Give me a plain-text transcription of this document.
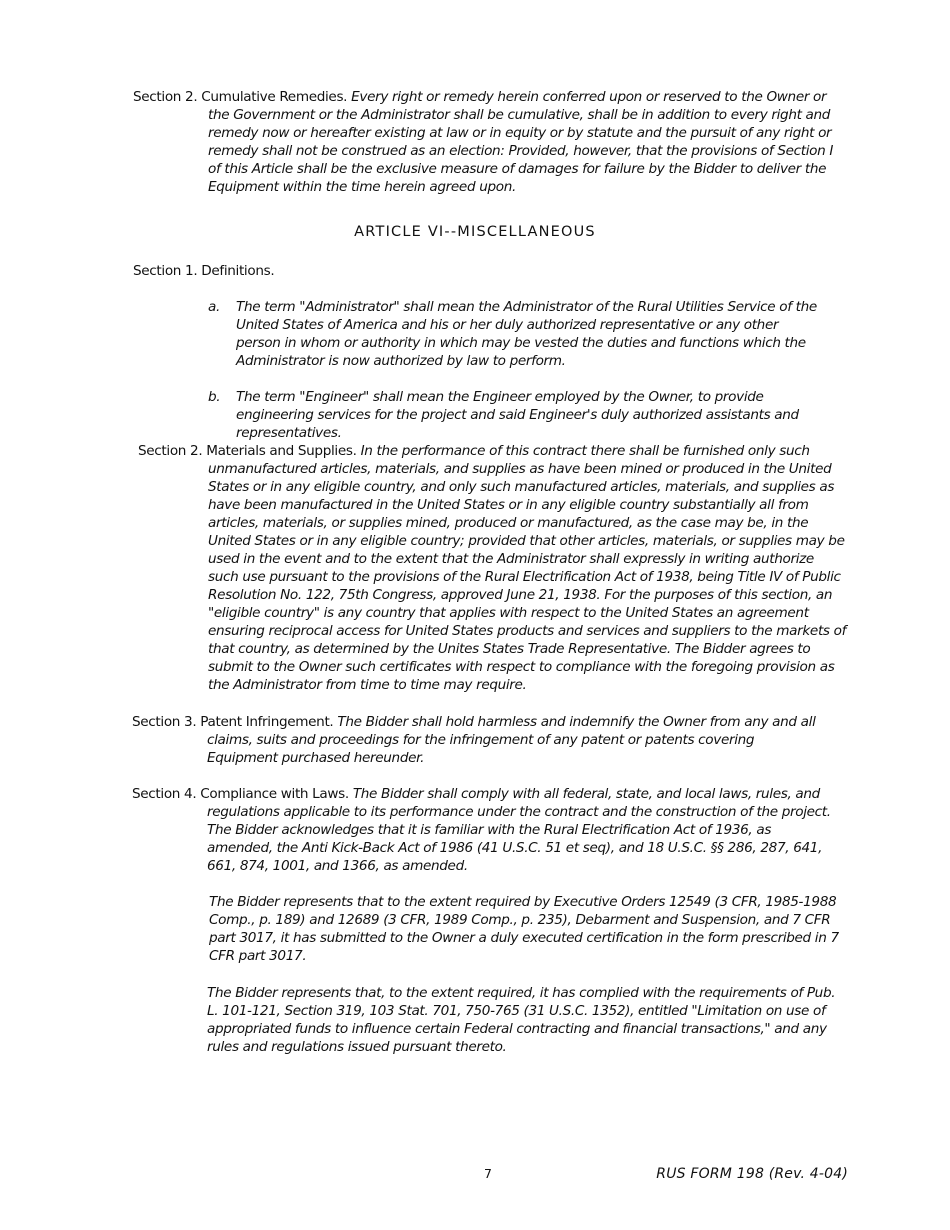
Section 2. Cumulative Remedies. Every right or remedy herein conferred upon or reserved to the Owner or the Government or the Administrator shall be cumulative, shall be in addition to every right and remedy now or hereafter existing at law or in equity or by statute and the pursuit of any right or remedy shall not be construed as an election: Provided, however, that the provisions of Section I of this Article shall be the exclusive measure of damages for failure by the Bidder to deliver the Equipment within the time herein agreed upon.
ARTICLE VI--MISCELLANEOUS
Section 1. Definitions.
a.	The term "Administrator" shall mean the Administrator of the Rural Utilities Service of the United States of America and his or her duly authorized representative or any other person in whom or authority in which may be vested the duties and functions which the Administrator is now authorized by law to perform.
b.	The term "Engineer" shall mean the Engineer employed by the Owner, to provide engineering services for the project and said Engineer's duly authorized assistants and representatives.
Section 2. Materials and Supplies. In the performance of this contract there shall be furnished only such unmanufactured articles, materials, and supplies as have been mined or produced in the United States or in any eligible country, and only such manufactured articles, materials, and supplies as have been manufactured in the United States or in any eligible country substantially all from articles, materials, or supplies mined, produced or manufactured, as the case may be, in the United States or in any eligible country; provided that other articles, materials, or supplies may be used in the event and to the extent that the Administrator shall expressly in writing authorize such use pursuant to the provisions of the Rural Electrification Act of 1938, being Title IV of Public Resolution No. 122, 75th Congress, approved June 21, 1938. For the purposes of this section, an "eligible country" is any country that applies with respect to the United States an agreement ensuring reciprocal access for United States products and services and suppliers to the markets of that country, as determined by the Unites States Trade Representative. The Bidder agrees to submit to the Owner such certificates with respect to compliance with the foregoing provision as the Administrator from time to time may require.
Section 3. Patent Infringement. The Bidder shall hold harmless and indemnify the Owner from any and all claims, suits and proceedings for the infringement of any patent or patents covering Equipment purchased hereunder.
Section 4. Compliance with Laws. The Bidder shall comply with all federal, state, and local laws, rules, and regulations applicable to its performance under the contract and the construction of the project. The Bidder acknowledges that it is familiar with the Rural Electrification Act of 1936, as amended, the Anti Kick-Back Act of 1986 (41 U.S.C. 51 et seq), and 18 U.S.C. §§ 286, 287, 641, 661, 874, 1001, and 1366, as amended.
The Bidder represents that to the extent required by Executive Orders 12549 (3 CFR, 1985-1988 Comp., p. 189) and 12689 (3 CFR, 1989 Comp., p. 235), Debarment and Suspension, and 7 CFR part 3017, it has submitted to the Owner a duly executed certification in the form prescribed in 7 CFR part 3017.
The Bidder represents that, to the extent required, it has complied with the requirements of Pub. L. 101-121, Section 319, 103 Stat. 701, 750-765 (31 U.S.C. 1352), entitled "Limitation on use of appropriated funds to influence certain Federal contracting and financial transactions," and any rules and regulations issued pursuant thereto.
7	RUS FORM 198 (Rev. 4-04)
